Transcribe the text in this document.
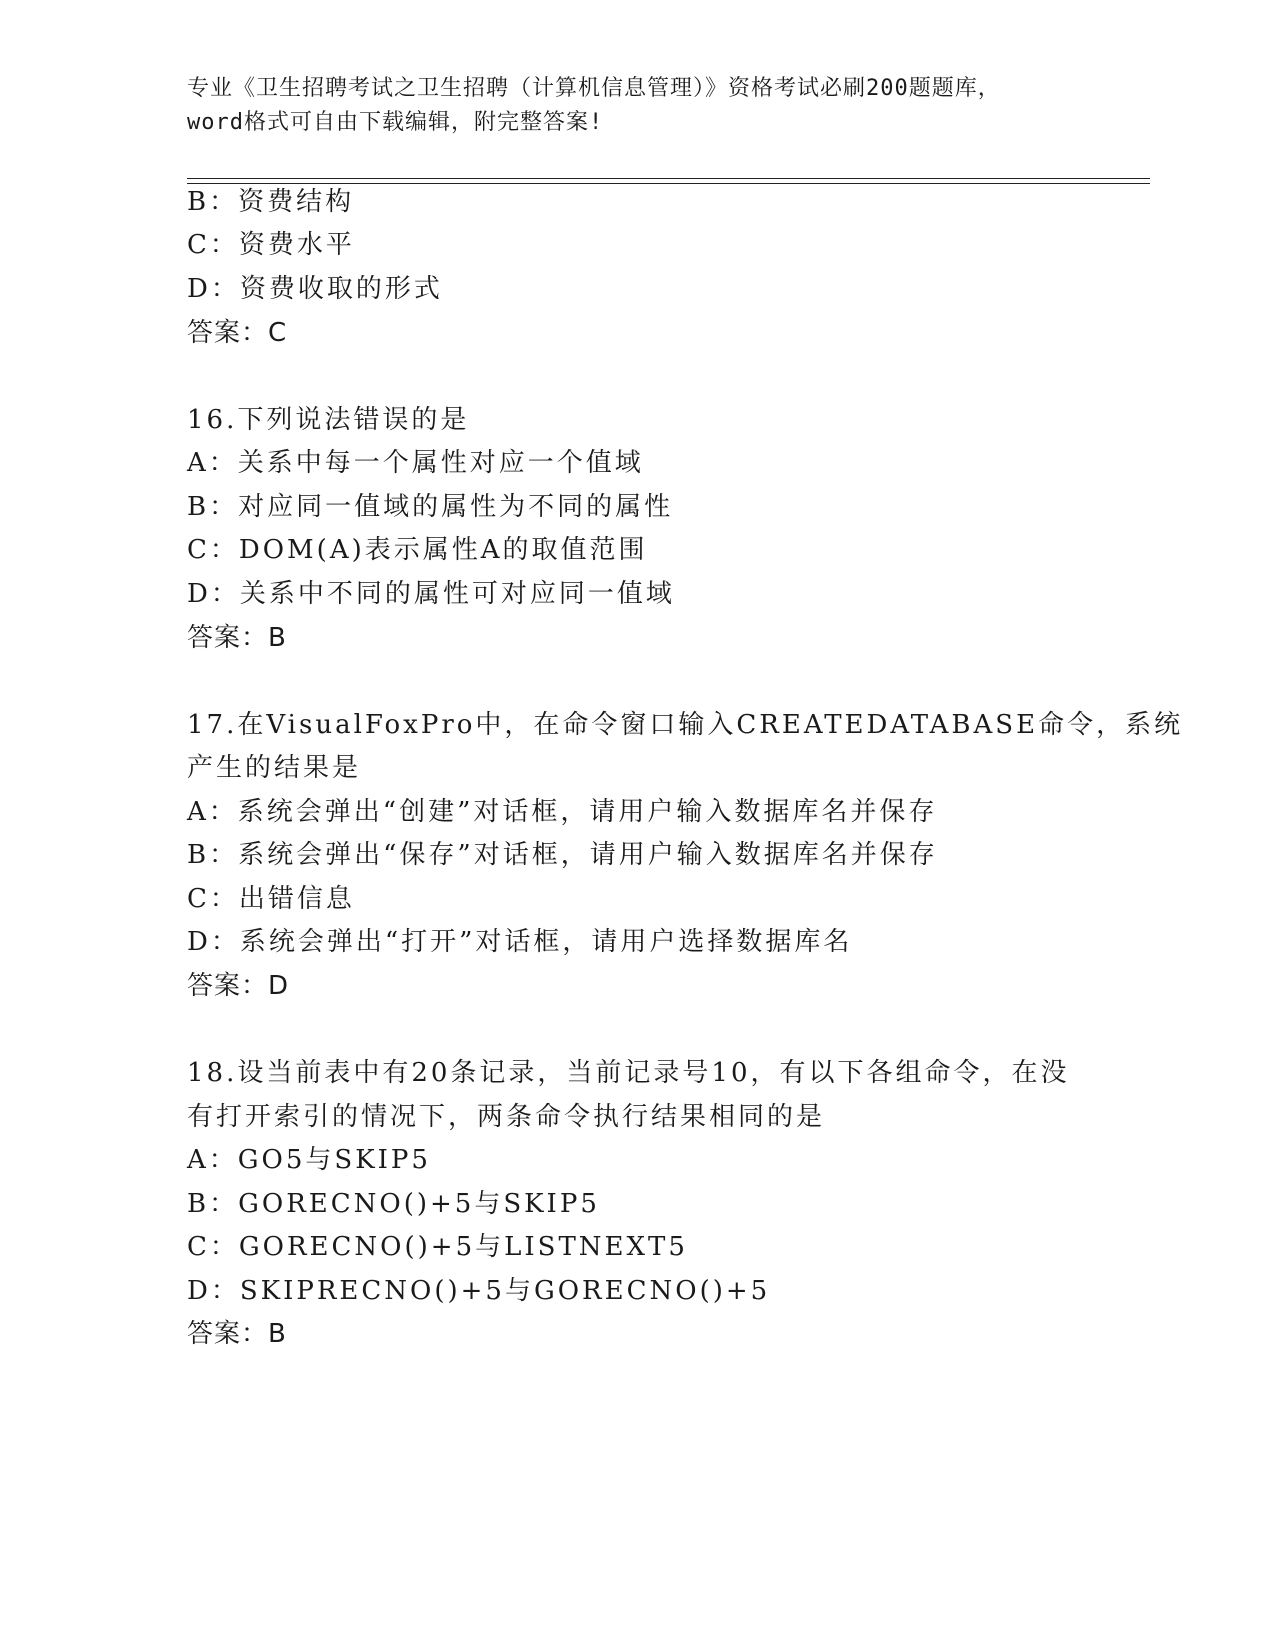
专业《卫生招聘考试之卫生招聘（计算机信息管理）》资格考试必刷200题题库，

word格式可自由下载编辑，附完整答案!

B：资费结构
C：资费水平
D：资费收取的形式
答案：C
16.下列说法错误的是
A：关系中每一个属性对应一个值域
B：对应同一值域的属性为不同的属性
C：DOM(A)表示属性A的取值范围
D：关系中不同的属性可对应同一值域
答案：B
17.在VisualFoxPro中，在命令窗口输入CREATEDATABASE命令，系统
产生的结果是
A：系统会弹出“创建”对话框，请用户输入数据库名并保存
B：系统会弹出“保存”对话框，请用户输入数据库名并保存
C：出错信息
D：系统会弹出“打开”对话框，请用户选择数据库名
答案：D
18.设当前表中有20条记录，当前记录号10，有以下各组命令，在没
有打开索引的情况下，两条命令执行结果相同的是
A：GO5与SKIP5
B：GORECNO()+5与SKIP5
C：GORECNO()+5与LISTNEXT5
D：SKIPRECNO()+5与GORECNO()+5
答案：B
